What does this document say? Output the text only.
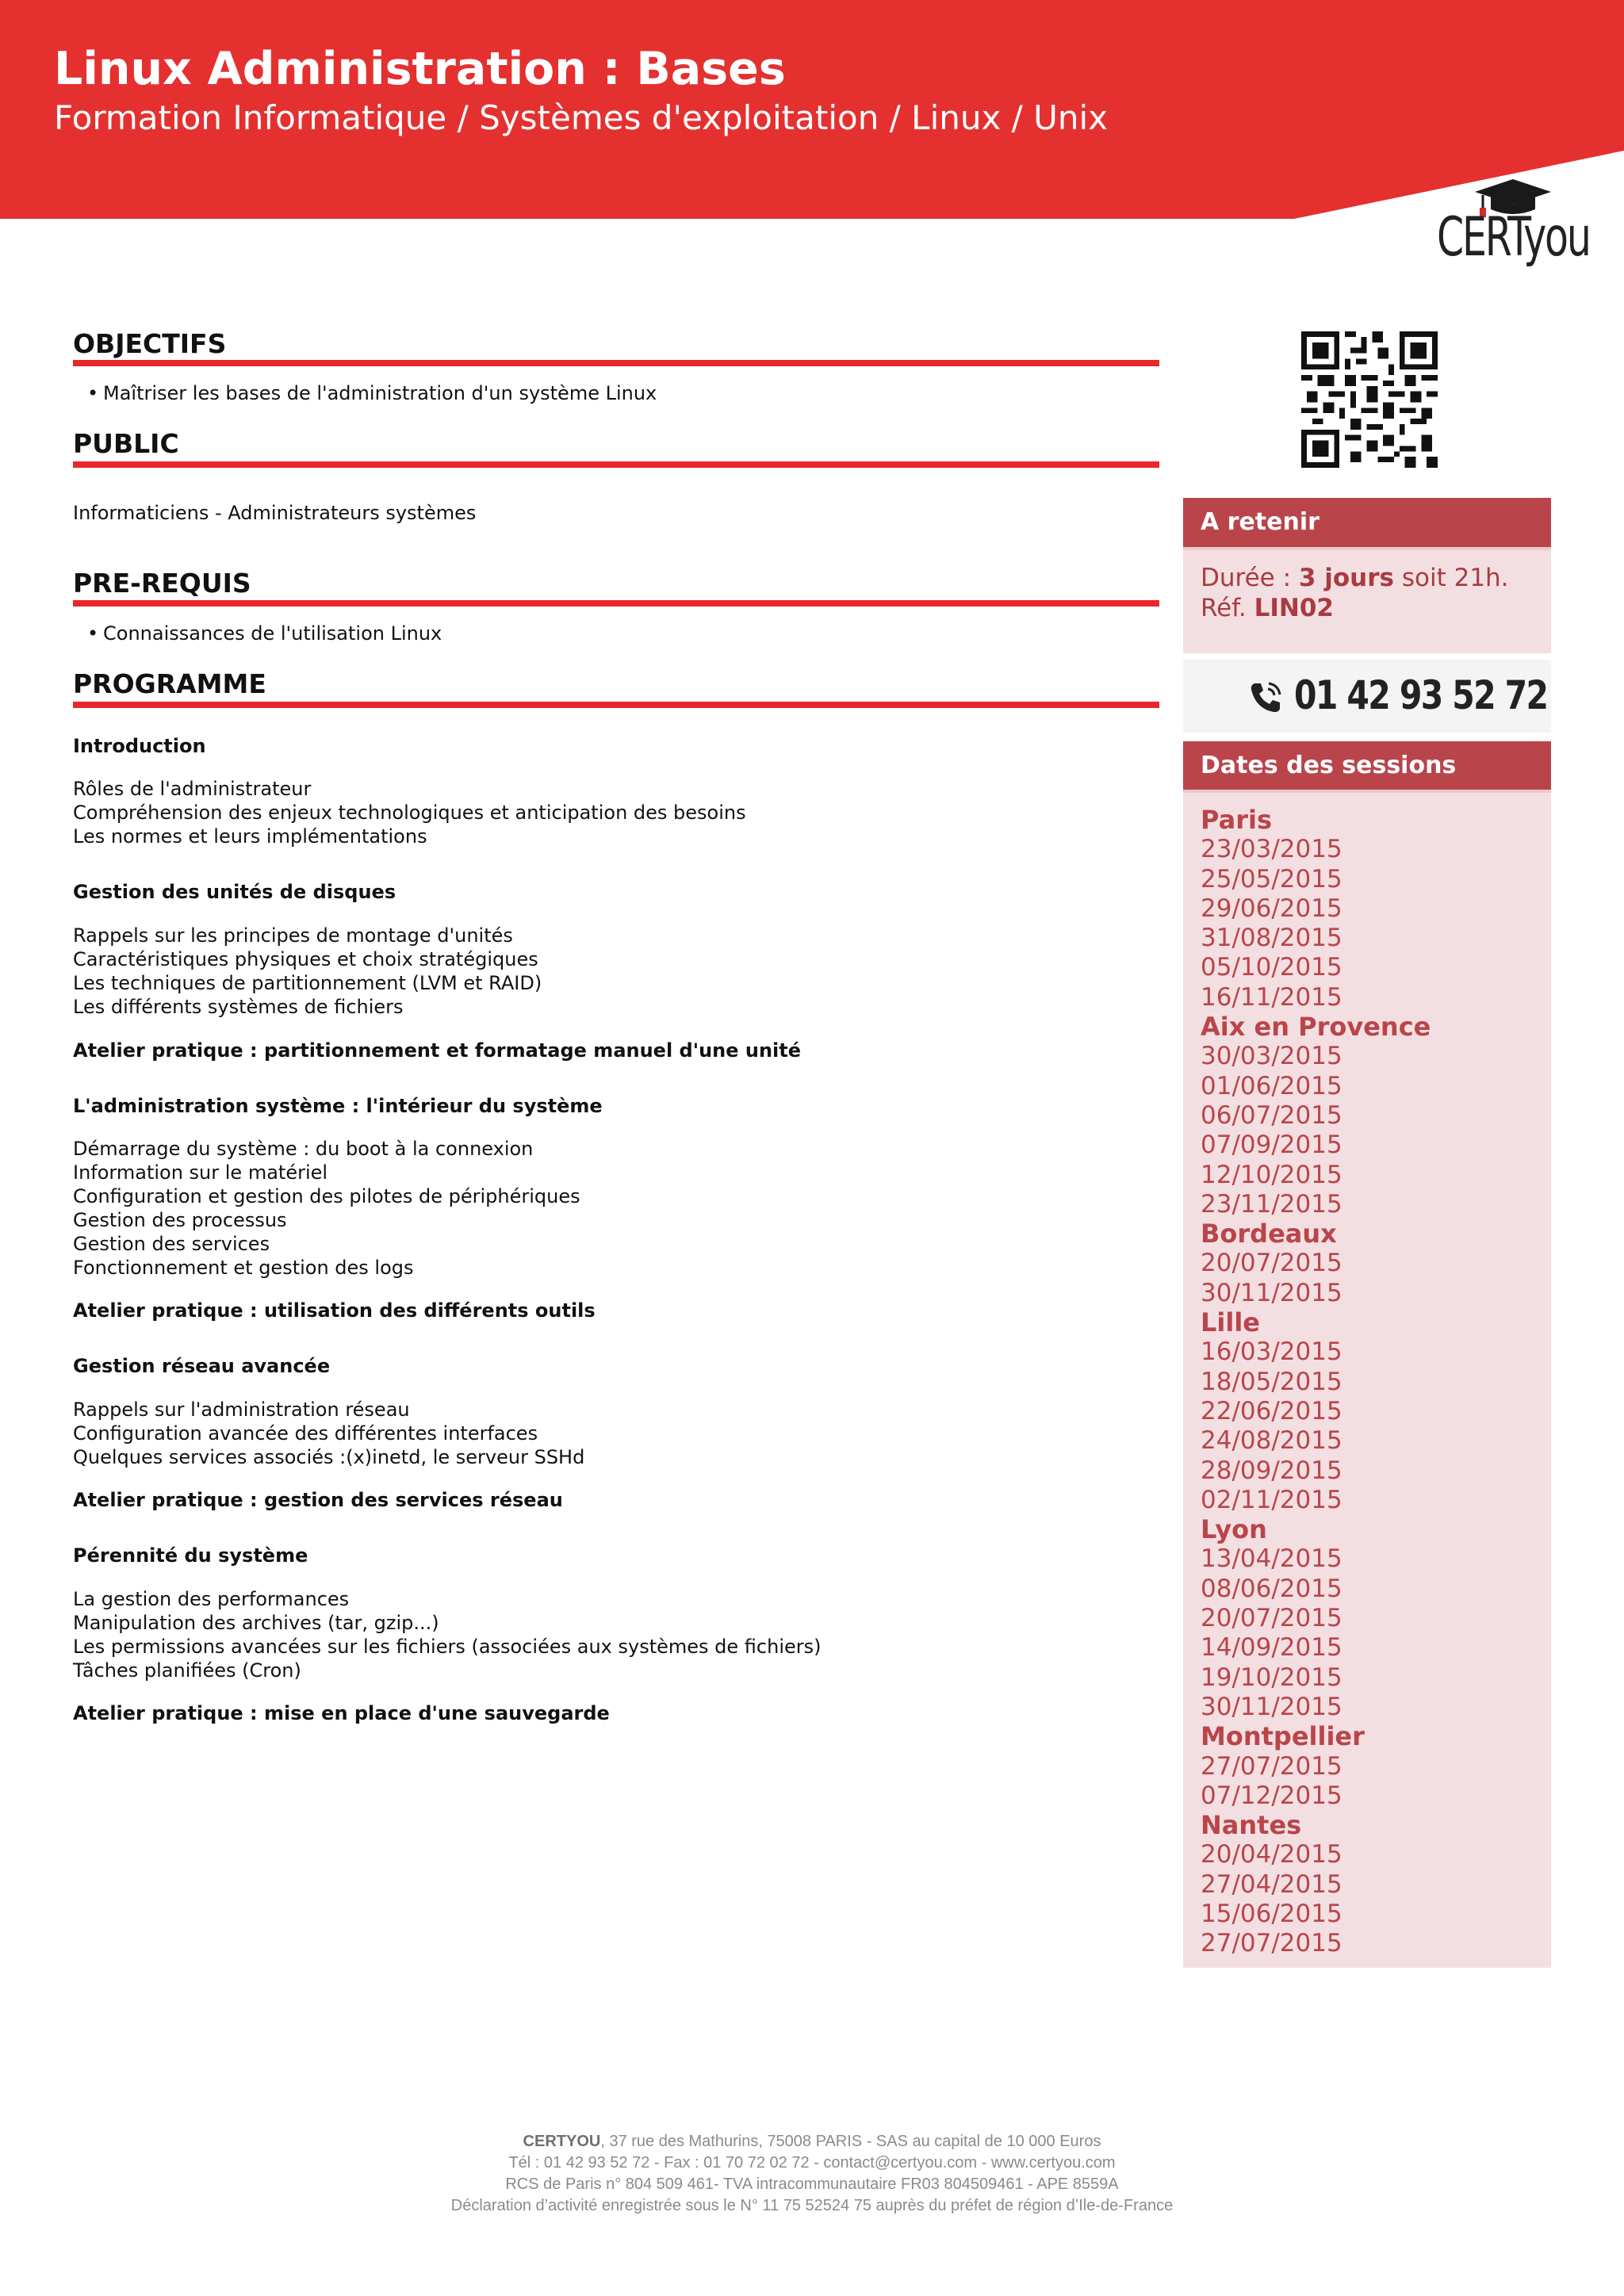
Linux Administration : Bases
Formation Informatique / Systèmes d'exploitation / Linux / Unix
CERTyou
OBJECTIFS
• Maîtriser les bases de l'administration d'un système Linux
PUBLIC
Informaticiens - Administrateurs systèmes
PRE-REQUIS
• Connaissances de l'utilisation Linux
PROGRAMME
Introduction
Rôles de l'administrateur
Compréhension des enjeux technologiques et anticipation des besoins
Les normes et leurs implémentations
Gestion des unités de disques
Rappels sur les principes de montage d'unités
Caractéristiques physiques et choix stratégiques
Les techniques de partitionnement (LVM et RAID)
Les différents systèmes de fichiers
Atelier pratique : partitionnement et formatage manuel d'une unité
L'administration système : l'intérieur du système
Démarrage du système : du boot à la connexion
Information sur le matériel
Configuration et gestion des pilotes de périphériques
Gestion des processus
Gestion des services
Fonctionnement et gestion des logs
Atelier pratique : utilisation des différents outils
Gestion réseau avancée
Rappels sur l'administration réseau
Configuration avancée des différentes interfaces
Quelques services associés :(x)inetd, le serveur SSHd
Atelier pratique : gestion des services réseau
Pérennité du système
La gestion des performances
Manipulation des archives (tar, gzip...)
Les permissions avancées sur les fichiers (associées aux systèmes de fichiers)
Tâches planifiées (Cron)
Atelier pratique : mise en place d'une sauvegarde
A retenir
Durée : 3 jours soit 21h.
Réf. LIN02
01 42 93 52 72
Dates des sessions
Paris
23/03/2015
25/05/2015
29/06/2015
31/08/2015
05/10/2015
16/11/2015
Aix en Provence
30/03/2015
01/06/2015
06/07/2015
07/09/2015
12/10/2015
23/11/2015
Bordeaux
20/07/2015
30/11/2015
Lille
16/03/2015
18/05/2015
22/06/2015
24/08/2015
28/09/2015
02/11/2015
Lyon
13/04/2015
08/06/2015
20/07/2015
14/09/2015
19/10/2015
30/11/2015
Montpellier
27/07/2015
07/12/2015
Nantes
20/04/2015
27/04/2015
15/06/2015
27/07/2015
CERTYOU, 37 rue des Mathurins, 75008 PARIS - SAS au capital de 10 000 Euros
Tél : 01 42 93 52 72 - Fax : 01 70 72 02 72 - contact@certyou.com - www.certyou.com
RCS de Paris n° 804 509 461- TVA intracommunautaire FR03 804509461 - APE 8559A
Déclaration d’activité enregistrée sous le N° 11 75 52524 75 auprès du préfet de région d’Ile-de-France
